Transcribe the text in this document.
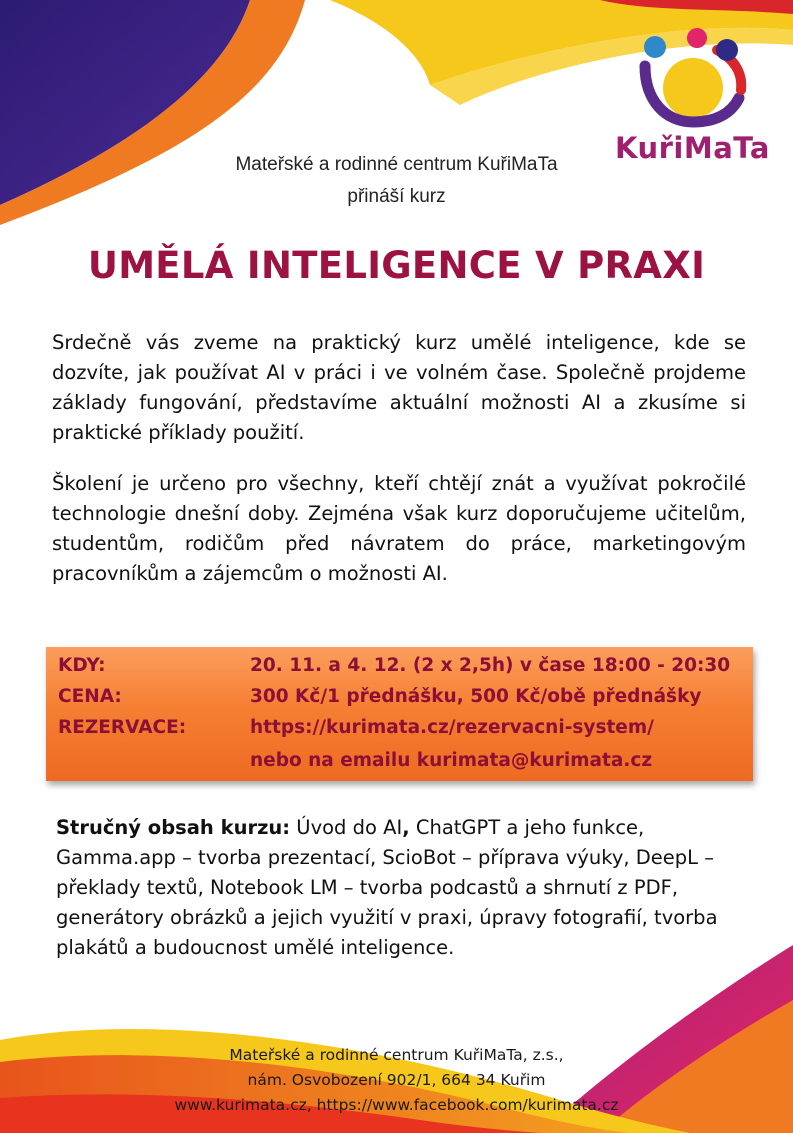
KuřiMaTa
Mateřské a rodinné centrum KuřiMaTa
přináší kurz
UMĚLÁ INTELIGENCE V PRAXI
Srdečně vás zveme na praktický kurz umělé inteligence, kde se dozvíte, jak používat AI v práci i ve volném čase. Společně projdeme základy fungování, představíme aktuální možnosti AI a zkusíme si praktické příklady použití.
Školení je určeno pro všechny, kteří chtějí znát a využívat pokročilé technologie dnešní doby. Zejména však kurz doporučujeme učitelům, studentům, rodičům před návratem do práce, marketingovým pracovníkům a zájemcům o možnosti AI.
KDY:	20. 11. a 4. 12. (2 x 2,5h) v čase 18:00 - 20:30
CENA:	300 Kč/1 přednášku, 500 Kč/obě přednášky
REZERVACE:	https://kurimata.cz/rezervacni-system/
nebo na emailu kurimata@kurimata.cz
Stručný obsah kurzu: Úvod do AI, ChatGPT a jeho funkce, Gamma.app – tvorba prezentací, ScioBot – příprava výuky, DeepL – překlady textů, Notebook LM – tvorba podcastů a shrnutí z PDF, generátory obrázků a jejich využití v praxi, úpravy fotografií, tvorba plakátů a budoucnost umělé inteligence.
Mateřské a rodinné centrum KuřiMaTa, z.s.,
nám. Osvobození 902/1, 664 34 Kuřim
www.kurimata.cz, https://www.facebook.com/kurimata.cz
